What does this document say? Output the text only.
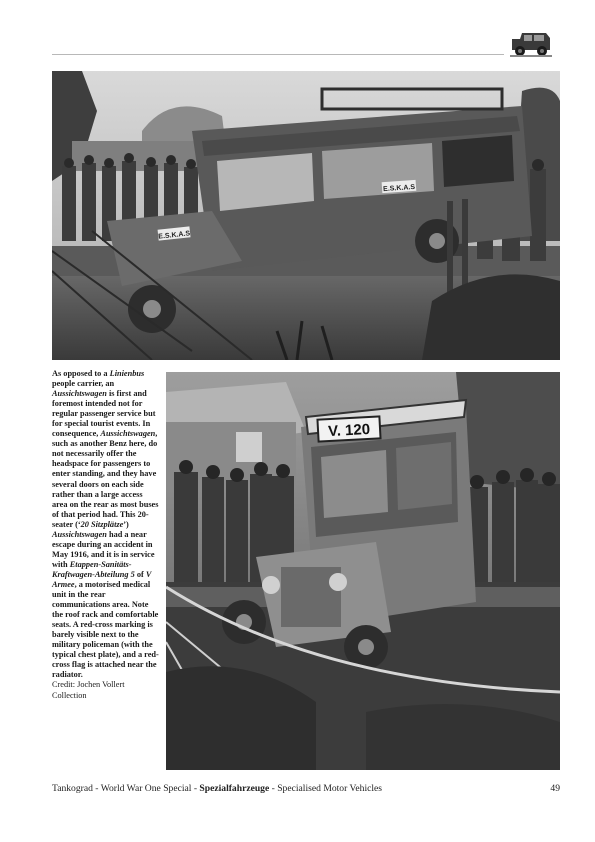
E.S.K.A.S
E.S.K.A.S
As opposed to a Linienbus people carrier, an Aussichtswagen is first and foremost intended not for regular passenger service but for special tourist events. In consequence, Aussichtswagen, such as another Benz here, do not necessarily offer the headspace for passengers to enter standing, and they have several doors on each side rather than a large access area on the rear as most buses of that period had. This 20-seater (‘20 Sitzplätze’) Aussichtswagen had a near escape during an accident in May 1916, and it is in service with Etappen-Sanitäts-Kraftwagen-Abteilung 5 of V Armee, a motorised medical unit in the rear communications area. Note the roof rack and comfortable seats. A red-cross marking is barely visible next to the military policeman (with the typical chest plate), and a red-cross flag is attached near the radiator.
Credit: Jochen Vollert Collection
V. 120
Tankograd - World War One Special - Spezialfahrzeuge - Specialised Motor Vehicles	49
